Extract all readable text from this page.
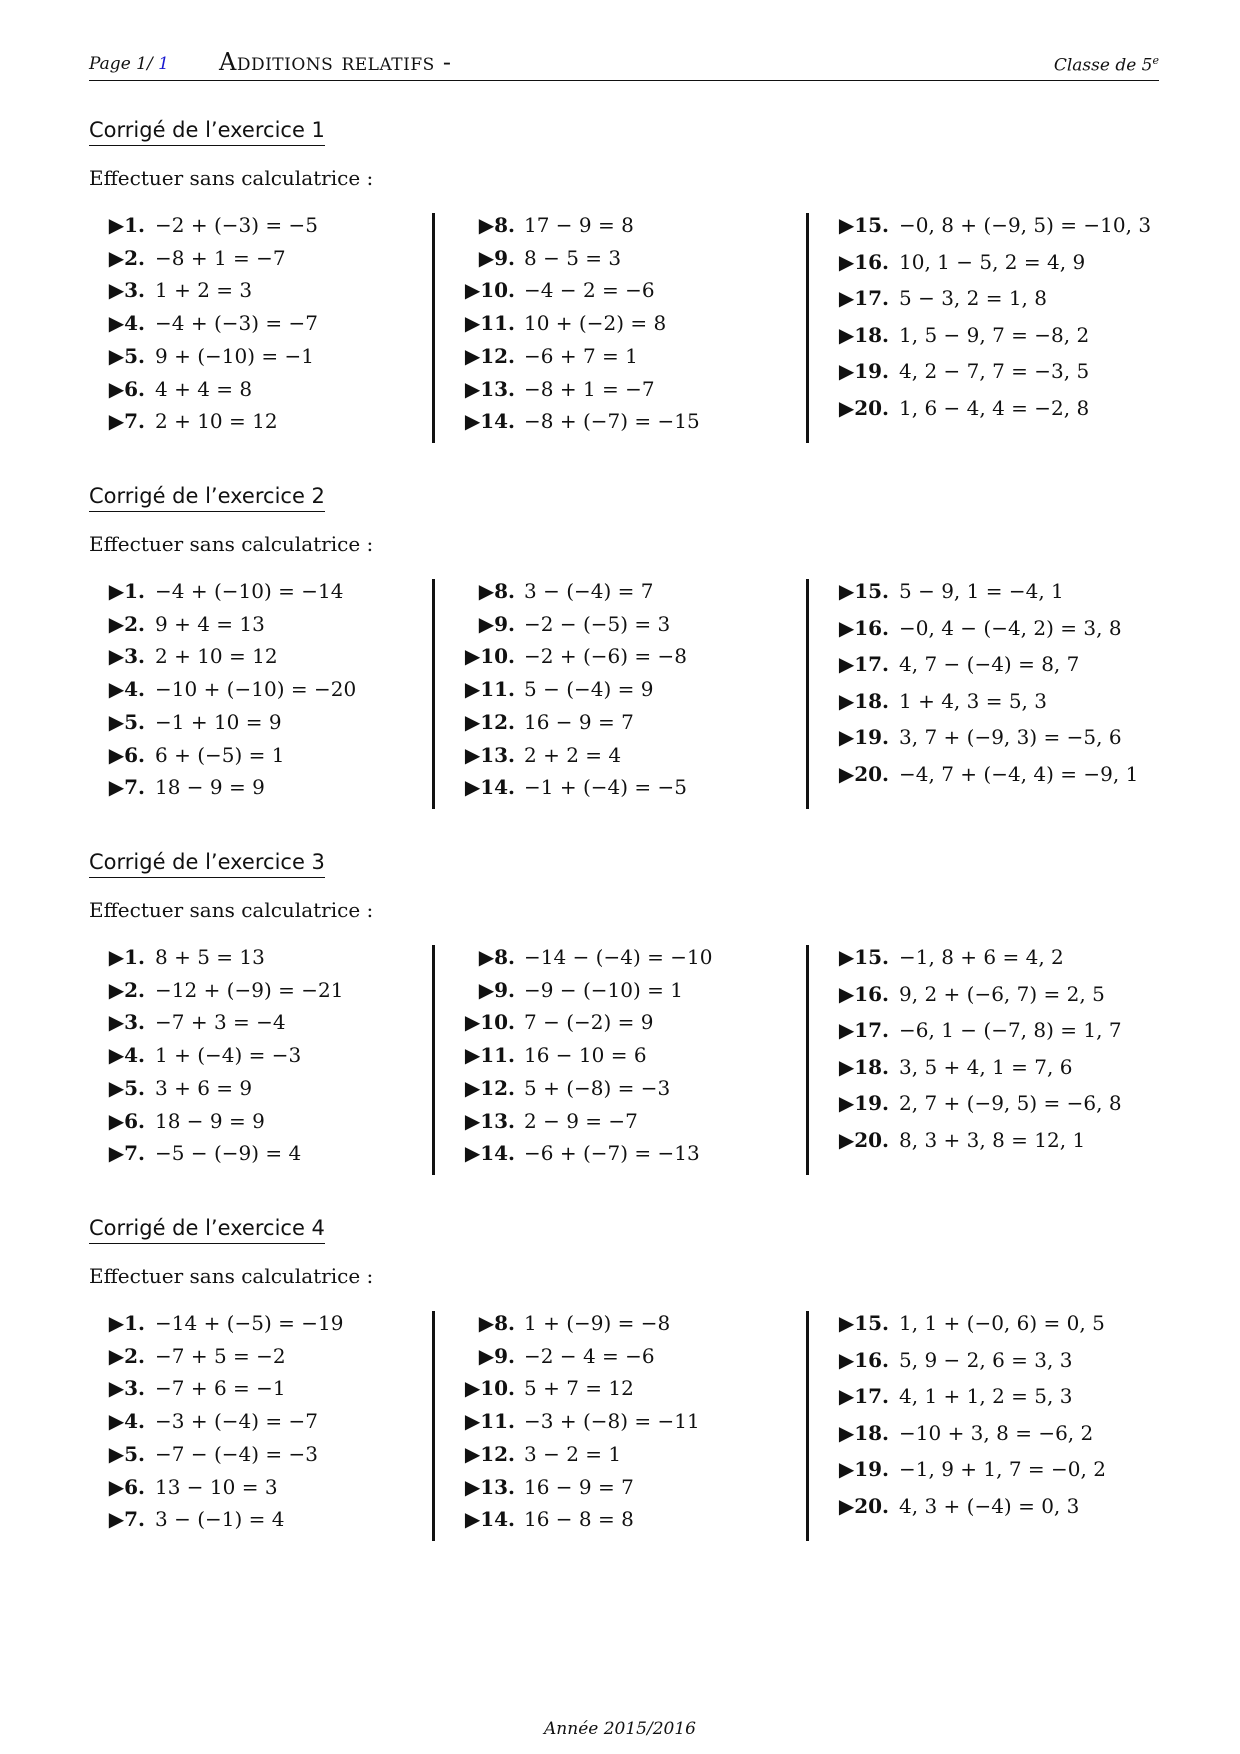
Page 1/ 1 Additions relatifs -	Classe de 5e
Corrigé de l’exercice 1
Effectuer sans calculatrice :
▶1. −2 + (−3) = −5
▶2. −8 + 1 = −7
▶3. 1 + 2 = 3
▶4. −4 + (−3) = −7
▶5. 9 + (−10) = −1
▶6. 4 + 4 = 8
▶7. 2 + 10 = 12
▶8. 17 − 9 = 8
▶9. 8 − 5 = 3
▶10. −4 − 2 = −6
▶11. 10 + (−2) = 8
▶12. −6 + 7 = 1
▶13. −8 + 1 = −7
▶14. −8 + (−7) = −15
▶15. −0, 8 + (−9, 5) = −10, 3
▶16. 10, 1 − 5, 2 = 4, 9
▶17. 5 − 3, 2 = 1, 8
▶18. 1, 5 − 9, 7 = −8, 2
▶19. 4, 2 − 7, 7 = −3, 5
▶20. 1, 6 − 4, 4 = −2, 8
Corrigé de l’exercice 2
Effectuer sans calculatrice :
▶1. −4 + (−10) = −14
▶2. 9 + 4 = 13
▶3. 2 + 10 = 12
▶4. −10 + (−10) = −20
▶5. −1 + 10 = 9
▶6. 6 + (−5) = 1
▶7. 18 − 9 = 9
▶8. 3 − (−4) = 7
▶9. −2 − (−5) = 3
▶10. −2 + (−6) = −8
▶11. 5 − (−4) = 9
▶12. 16 − 9 = 7
▶13. 2 + 2 = 4
▶14. −1 + (−4) = −5
▶15. 5 − 9, 1 = −4, 1
▶16. −0, 4 − (−4, 2) = 3, 8
▶17. 4, 7 − (−4) = 8, 7
▶18. 1 + 4, 3 = 5, 3
▶19. 3, 7 + (−9, 3) = −5, 6
▶20. −4, 7 + (−4, 4) = −9, 1
Corrigé de l’exercice 3
Effectuer sans calculatrice :
▶1. 8 + 5 = 13
▶2. −12 + (−9) = −21
▶3. −7 + 3 = −4
▶4. 1 + (−4) = −3
▶5. 3 + 6 = 9
▶6. 18 − 9 = 9
▶7. −5 − (−9) = 4
▶8. −14 − (−4) = −10
▶9. −9 − (−10) = 1
▶10. 7 − (−2) = 9
▶11. 16 − 10 = 6
▶12. 5 + (−8) = −3
▶13. 2 − 9 = −7
▶14. −6 + (−7) = −13
▶15. −1, 8 + 6 = 4, 2
▶16. 9, 2 + (−6, 7) = 2, 5
▶17. −6, 1 − (−7, 8) = 1, 7
▶18. 3, 5 + 4, 1 = 7, 6
▶19. 2, 7 + (−9, 5) = −6, 8
▶20. 8, 3 + 3, 8 = 12, 1
Corrigé de l’exercice 4
Effectuer sans calculatrice :
▶1. −14 + (−5) = −19
▶2. −7 + 5 = −2
▶3. −7 + 6 = −1
▶4. −3 + (−4) = −7
▶5. −7 − (−4) = −3
▶6. 13 − 10 = 3
▶7. 3 − (−1) = 4
▶8. 1 + (−9) = −8
▶9. −2 − 4 = −6
▶10. 5 + 7 = 12
▶11. −3 + (−8) = −11
▶12. 3 − 2 = 1
▶13. 16 − 9 = 7
▶14. 16 − 8 = 8
▶15. 1, 1 + (−0, 6) = 0, 5
▶16. 5, 9 − 2, 6 = 3, 3
▶17. 4, 1 + 1, 2 = 5, 3
▶18. −10 + 3, 8 = −6, 2
▶19. −1, 9 + 1, 7 = −0, 2
▶20. 4, 3 + (−4) = 0, 3
Année 2015/2016
